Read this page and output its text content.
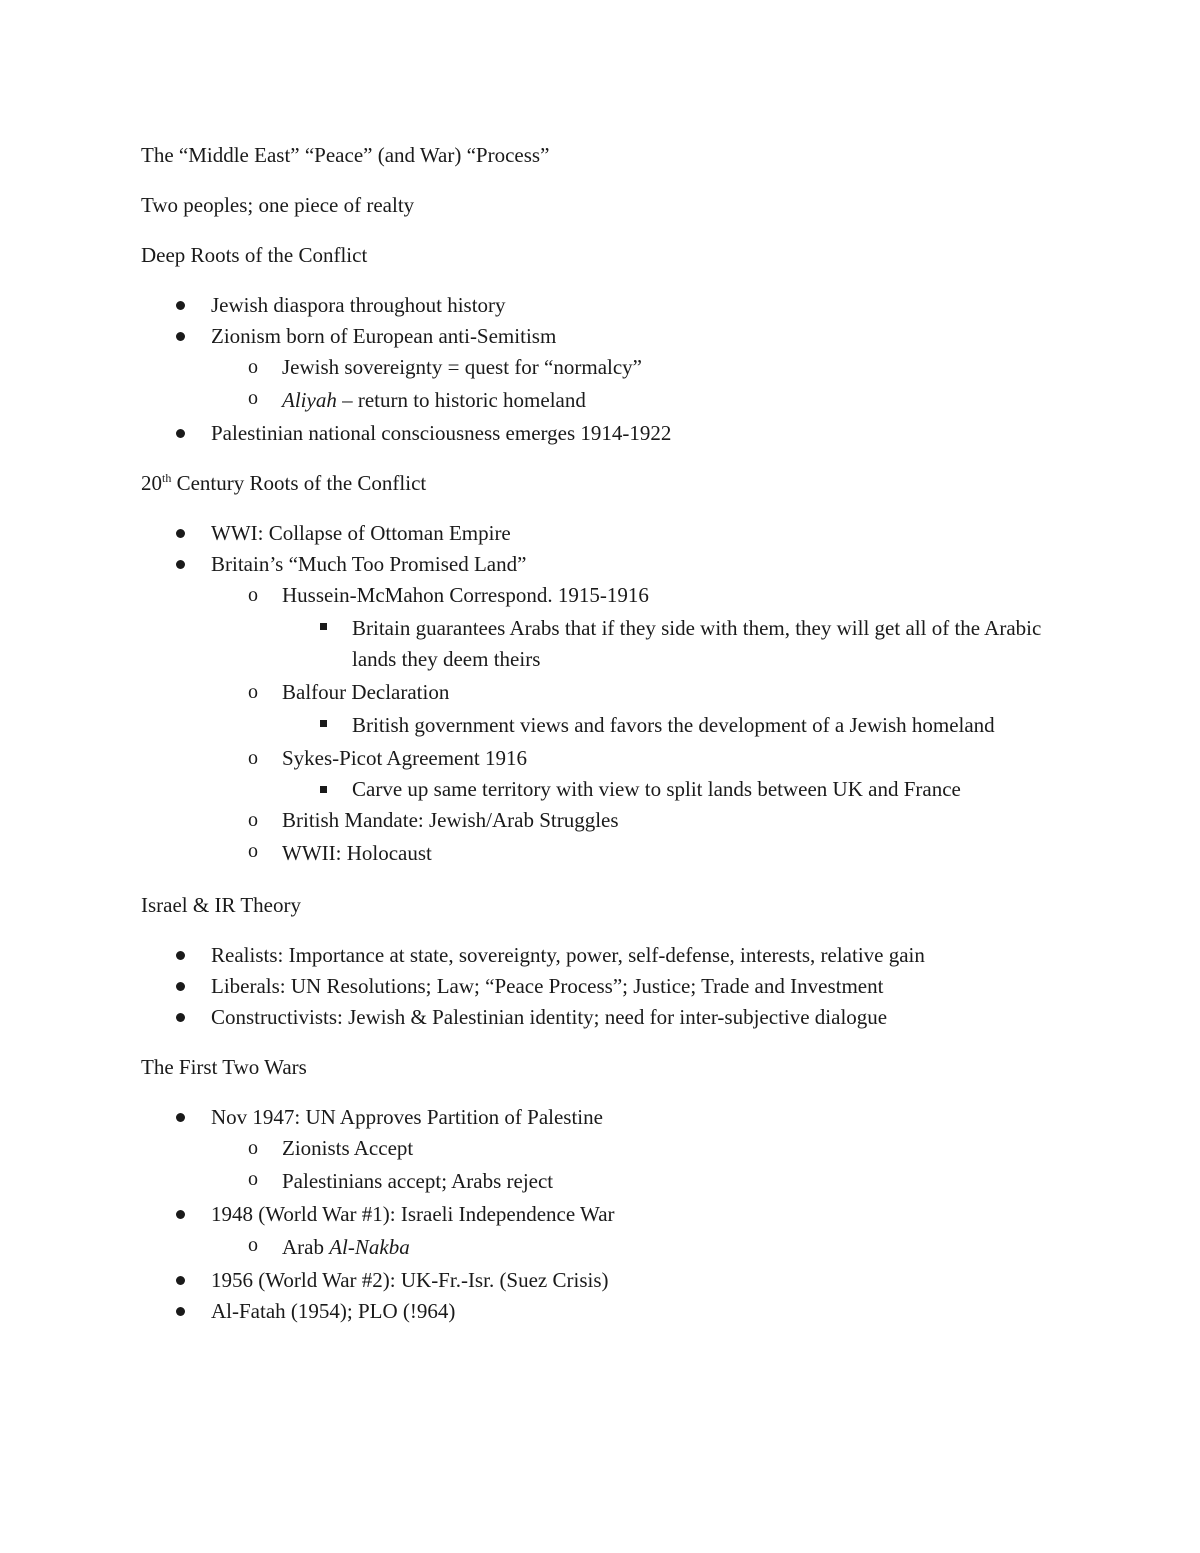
The “Middle East” “Peace” (and War) “Process”

Two peoples; one piece of realty

Deep Roots of the Conflict

Jewish diaspora throughout history
Zionism born of European anti-Semitism
o Jewish sovereignty = quest for “normalcy”
o Aliyah – return to historic homeland
Palestinian national consciousness emerges 1914-1922

20th Century Roots of the Conflict

WWI: Collapse of Ottoman Empire
Britain’s “Much Too Promised Land”
o Hussein-McMahon Correspond. 1915-1916
Britain guarantees Arabs that if they side with them, they will get all of the Arabic lands they deem theirs
o Balfour Declaration
British government views and favors the development of a Jewish homeland
o Sykes-Picot Agreement 1916
Carve up same territory with view to split lands between UK and France
o British Mandate: Jewish/Arab Struggles
o WWII: Holocaust

Israel & IR Theory

Realists: Importance at state, sovereignty, power, self-defense, interests, relative gain
Liberals: UN Resolutions; Law; “Peace Process”; Justice; Trade and Investment
Constructivists: Jewish & Palestinian identity; need for inter-subjective dialogue

The First Two Wars

Nov 1947: UN Approves Partition of Palestine
o Zionists Accept
o Palestinians accept; Arabs reject
1948 (World War #1): Israeli Independence War
o Arab Al-Nakba
1956 (World War #2): UK-Fr.-Isr. (Suez Crisis)
Al-Fatah (1954); PLO (!964)
